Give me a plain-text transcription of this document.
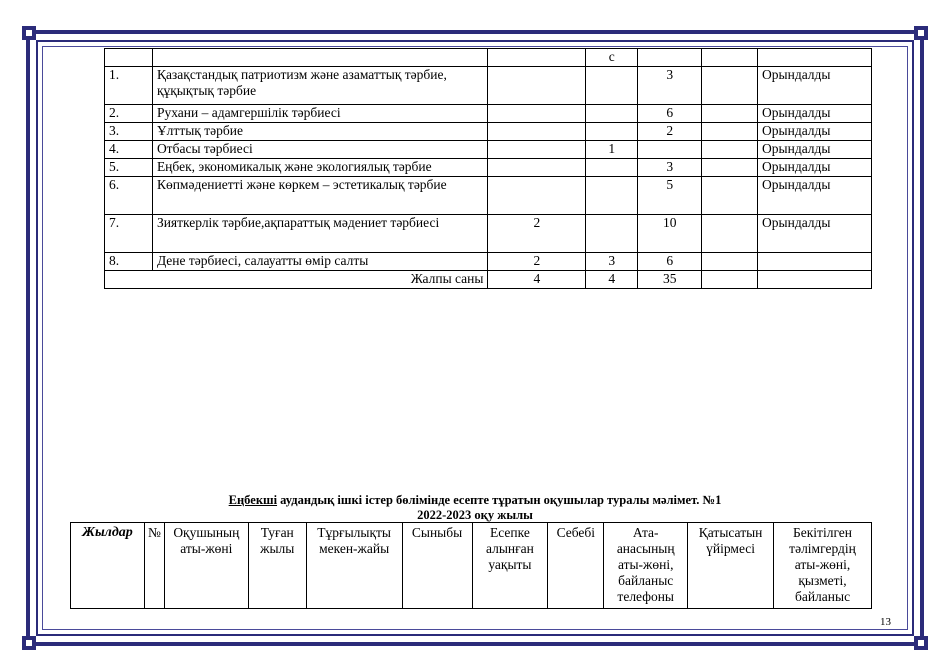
			с			
1.	Қазақстандық патриотизм және азаматтық тәрбие, құқықтық тәрбие			3		Орындалды
2.	Рухани – адамгершілік тәрбиесі			6		Орындалды
3.	Ұлттық тәрбие			2		Орындалды
4.	Отбасы тәрбиесі		1			Орындалды
5.	Еңбек, экономикалық және экологиялық тәрбие			3		Орындалды
6.	Көпмәдениетті және көркем – эстетикалық тәрбие			5		Орындалды
7.	Зияткерлік тәрбие,ақпараттық мәдениет тәрбиесі	2		10		Орындалды
8.	Дене тәрбиесі, салауатты өмір салты	2	3	6		
Жалпы саны		4	4	35		
Еңбекші аудандық ішкі істер бөлімінде есепте тұратын оқушылар туралы мәлімет. №1
2022-2023 оқу жылы
Жылдар	№	Оқушының аты-жөні	Туған жылы	Тұрғылықты мекен-жайы	Сыныбы	Есепке алынған уақыты	Себебі	Ата-анасының аты-жөні, байланыс телефоны	Қатысатын үйірмесі	Бекітілген тәлімгердің аты-жөні, қызметі, байланыс
13
